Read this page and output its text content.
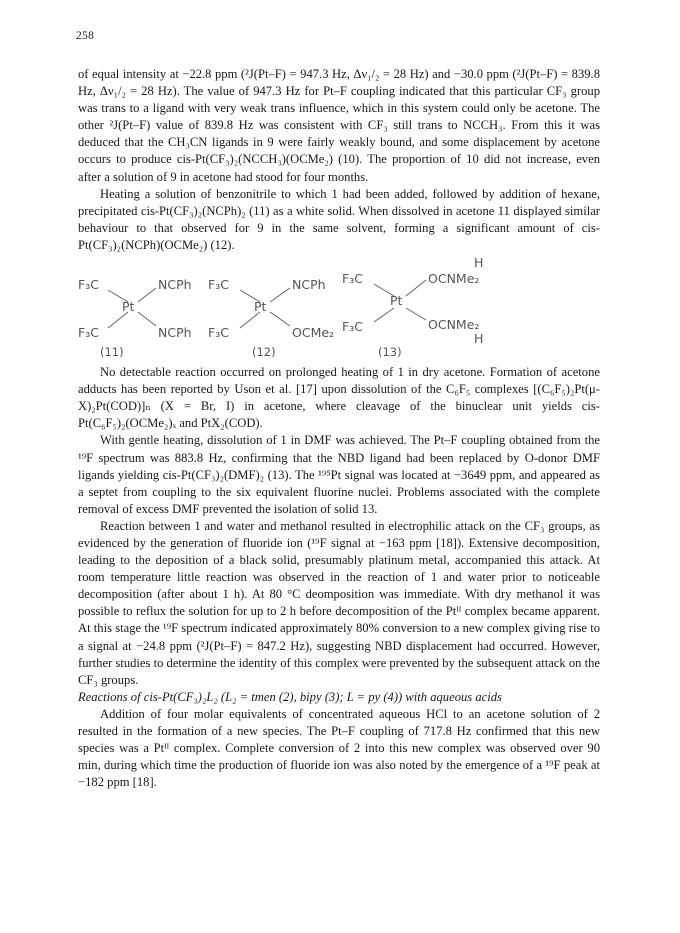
258

of equal intensity at −22.8 ppm (²J(Pt–F) = 947.3 Hz, Δν₁/₂ = 28 Hz) and −30.0 ppm (²J(Pt–F) = 839.8 Hz, Δν₁/₂ = 28 Hz). The value of 947.3 Hz for Pt–F coupling indicated that this particular CF₃ group was trans to a ligand with very weak trans influence, which in this system could only be acetone. The other ²J(Pt–F) value of 839.8 Hz was consistent with CF₃ still trans to NCCH₃. From this it was deduced that the CH₃CN ligands in 9 were fairly weakly bound, and some displacement by acetone occurs to produce cis-Pt(CF₃)₂(NCCH₃)(OCMe₂) (10). The proportion of 10 did not increase, even after a solution of 9 in acetone had stood for four months.

Heating a solution of benzonitrile to which 1 had been added, followed by addition of hexane, precipitated cis-Pt(CF₃)₂(NCPh)₂ (11) as a white solid. When dissolved in acetone 11 displayed similar behaviour to that observed for 9 in the same solvent, forming a significant amount of cis-Pt(CF₃)₂(NCPh)(OCMe₂) (12).

F₃C
F₃C
Pt
NCPh
NCPh
(11)
F₃C
F₃C
Pt
NCPh
OCMe₂
(12)
H
F₃C
F₃C
Pt
OCNMe₂
OCNMe₂
H
(13)

No detectable reaction occurred on prolonged heating of 1 in dry acetone. Formation of acetone adducts has been reported by Uson et al. [17] upon dissolution of the C₆F₅ complexes [(C₆F₅)₂Pt(μ-X)₂Pt(COD)]ₙ (X = Br, I) in acetone, where cleavage of the binuclear unit yields cis-Pt(C₆F₅)₂(OCMe₂)ₓ and PtX₂(COD).

With gentle heating, dissolution of 1 in DMF was achieved. The Pt–F coupling obtained from the ¹⁹F spectrum was 883.8 Hz, confirming that the NBD ligand had been replaced by O-donor DMF ligands yielding cis-Pt(CF₃)₂(DMF)₂ (13). The ¹⁹⁵Pt signal was located at −3649 ppm, and appeared as a septet from coupling to the six equivalent fluorine nuclei. Problems associated with the complete removal of excess DMF prevented the isolation of solid 13.

Reaction between 1 and water and methanol resulted in electrophilic attack on the CF₃ groups, as evidenced by the generation of fluoride ion (¹⁹F signal at −163 ppm [18]). Extensive decomposition, leading to the deposition of a black solid, presumably platinum metal, accompanied this attack. At room temperature little reaction was observed in the reaction of 1 and water prior to noticeable decomposition (after about 1 h). At 80 °C deomposition was immediate. With dry methanol it was possible to reflux the solution for up to 2 h before decomposition of the Ptᴵᴵ complex became apparent. At this stage the ¹⁹F spectrum indicated approximately 80% conversion to a new complex giving rise to a signal at −24.8 ppm (²J(Pt–F) = 847.2 Hz), suggesting NBD displacement had occurred. However, further studies to determine the identity of this complex were prevented by the subsequent attack on the CF₃ groups.

Reactions of cis-Pt(CF₃)₂L₂ (L₂ = tmen (2), bipy (3); L = py (4)) with aqueous acids

Addition of four molar equivalents of concentrated aqueous HCl to an acetone solution of 2 resulted in the formation of a new species. The Pt–F coupling of 717.8 Hz confirmed that this new species was a Ptᴵᴵ complex. Complete conversion of 2 into this new complex was observed over 90 min, during which time the production of fluoride ion was also noted by the emergence of a ¹⁹F peak at −182 ppm [18].
